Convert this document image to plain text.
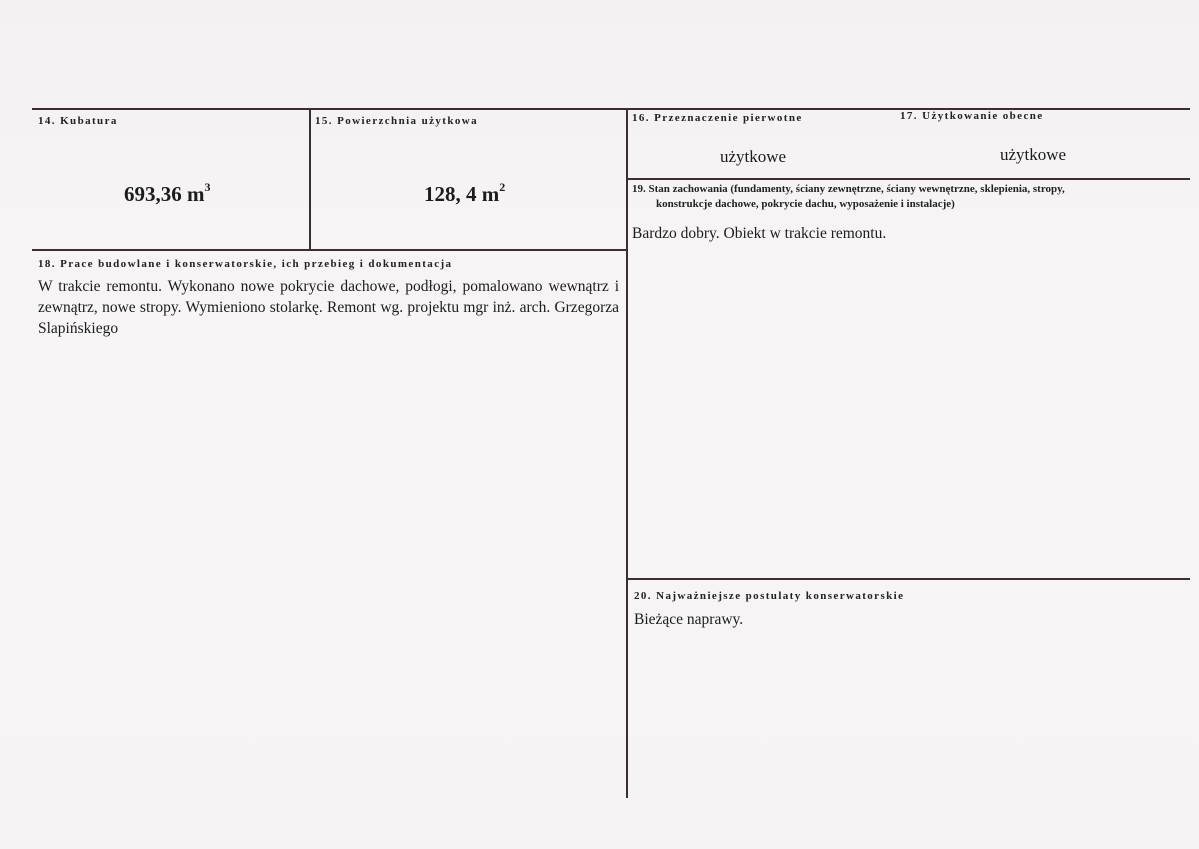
14. Kubatura
693,36 $m^3$
15. Powierzchnia użytkowa
128, 4 $m^2$
16. Przeznaczenie pierwotne
użytkowe
17. Użytkowanie obecne
użytkowe
19. Stan zachowania (fundamenty, ściany zewnętrzne, ściany wewnętrzne, sklepienia, stropy,
konstrukcje dachowe, pokrycie dachu, wyposażenie i instalacje)
Bardzo dobry. Obiekt w trakcie remontu.
18. Prace budowlane i konserwatorskie, ich przebieg i dokumentacja
W trakcie remontu. Wykonano nowe pokrycie dachowe, podłogi, pomalowano wewnątrz i zewnątrz, nowe stropy. Wymieniono stolarkę. Remont wg. projektu mgr inż. arch. Grzegorza Slapińskiego
20. Najważniejsze postulaty konserwatorskie
Bieżące naprawy.
